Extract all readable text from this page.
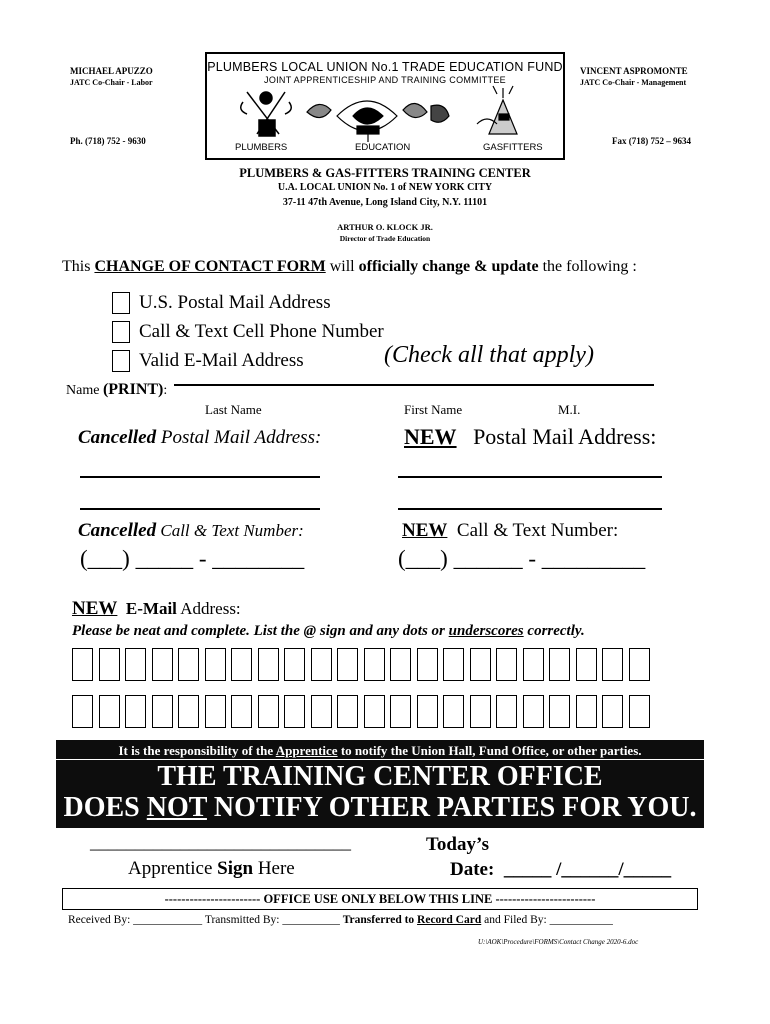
MICHAEL APUZZO
JATC Co-Chair - Labor
Ph. (718) 752 - 9630
VINCENT ASPROMONTE
JATC Co-Chair - Management
Fax (718) 752 – 9634
PLUMBERS LOCAL UNION No.1 TRADE EDUCATION FUND
JOINT APPRENTICESHIP AND TRAINING COMMITTEE
PLUMBERS	EDUCATION	GASFITTERS
PLUMBERS & GAS-FITTERS TRAINING CENTER
U.A. LOCAL UNION No. 1 of NEW YORK CITY
37-11 47th Avenue, Long Island City, N.Y. 11101
ARTHUR O. KLOCK JR.
Director of Trade Education
This CHANGE OF CONTACT FORM will officially change & update the following :
U.S. Postal Mail Address
Call & Text Cell Phone Number
Valid E-Mail Address	(Check all that apply)
Name (PRINT):
Last Name	First Name	M.I.
Cancelled Postal Mail Address:	NEW Postal Mail Address:
Cancelled Call & Text Number:	NEW Call & Text Number:
(___) _____ - ________	(___) ______ - _________
NEW E-Mail Address:
Please be neat and complete. List the @ sign and any dots or underscores correctly.
It is the responsibility of the Apprentice to notify the Union Hall, Fund Office, or other parties.
THE TRAINING CENTER OFFICE
DOES NOT NOTIFY OTHER PARTIES FOR YOU.
_____________________________
Apprentice Sign Here
Today’s
Date: _____ /______/_____
----------------------- OFFICE USE ONLY BELOW THIS LINE ------------------------
Received By: ____________ Transmitted By: __________ Transferred to Record Card and Filed By: ___________
U:\AOK\Procedure\FORMS\Contact Change 2020-6.doc
